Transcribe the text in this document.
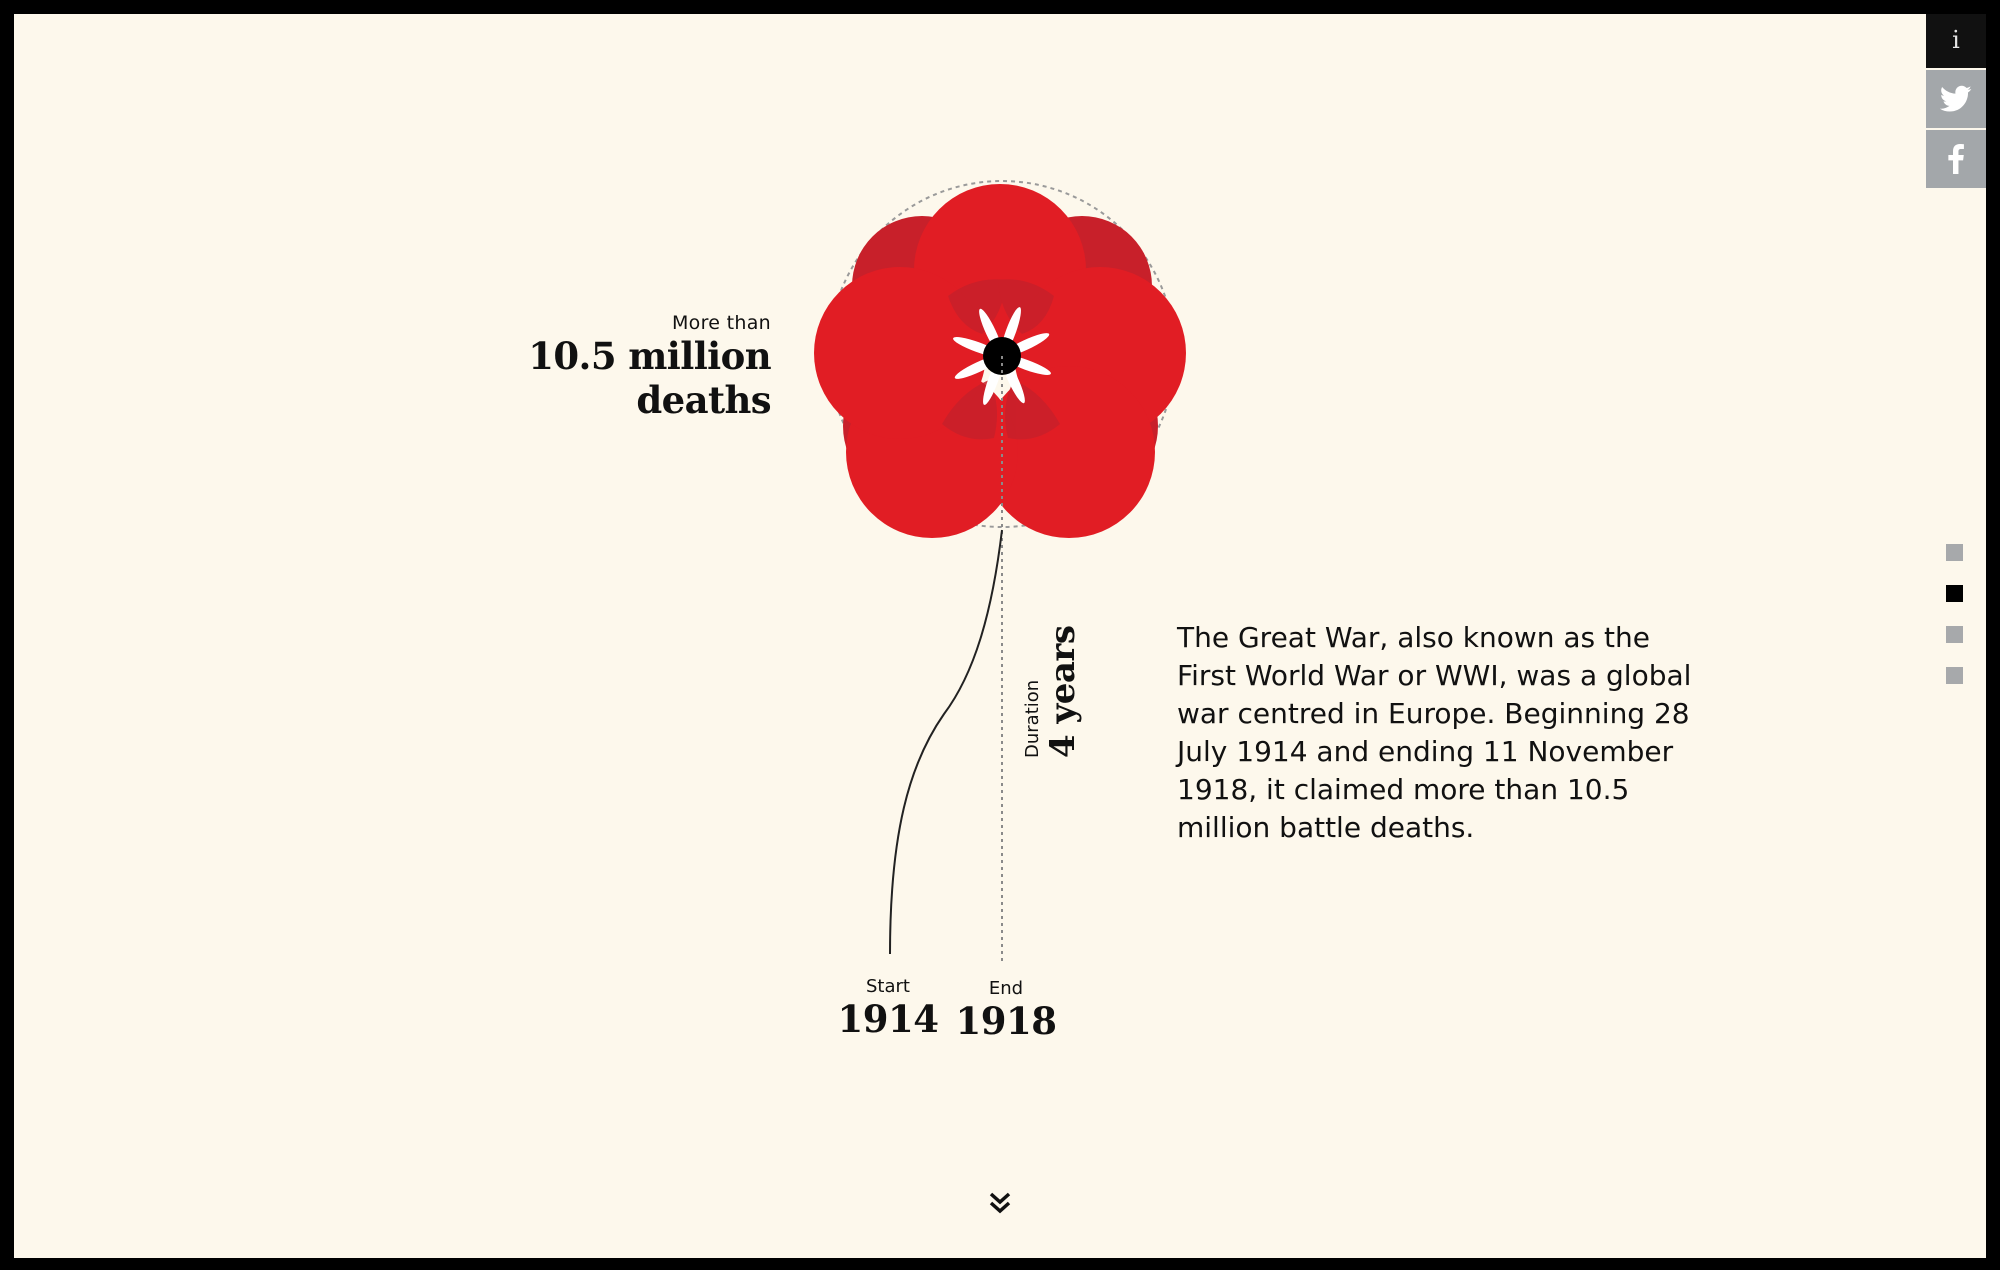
More than
10.5 million
deaths
Duration 4 years
Start
1914
End
1918

The Great War, also known as the First World War or WWI, was a global war centred in Europe. Beginning 28 July 1914 and ending 11 November 1918, it claimed more than 10.5 million battle deaths.

i
